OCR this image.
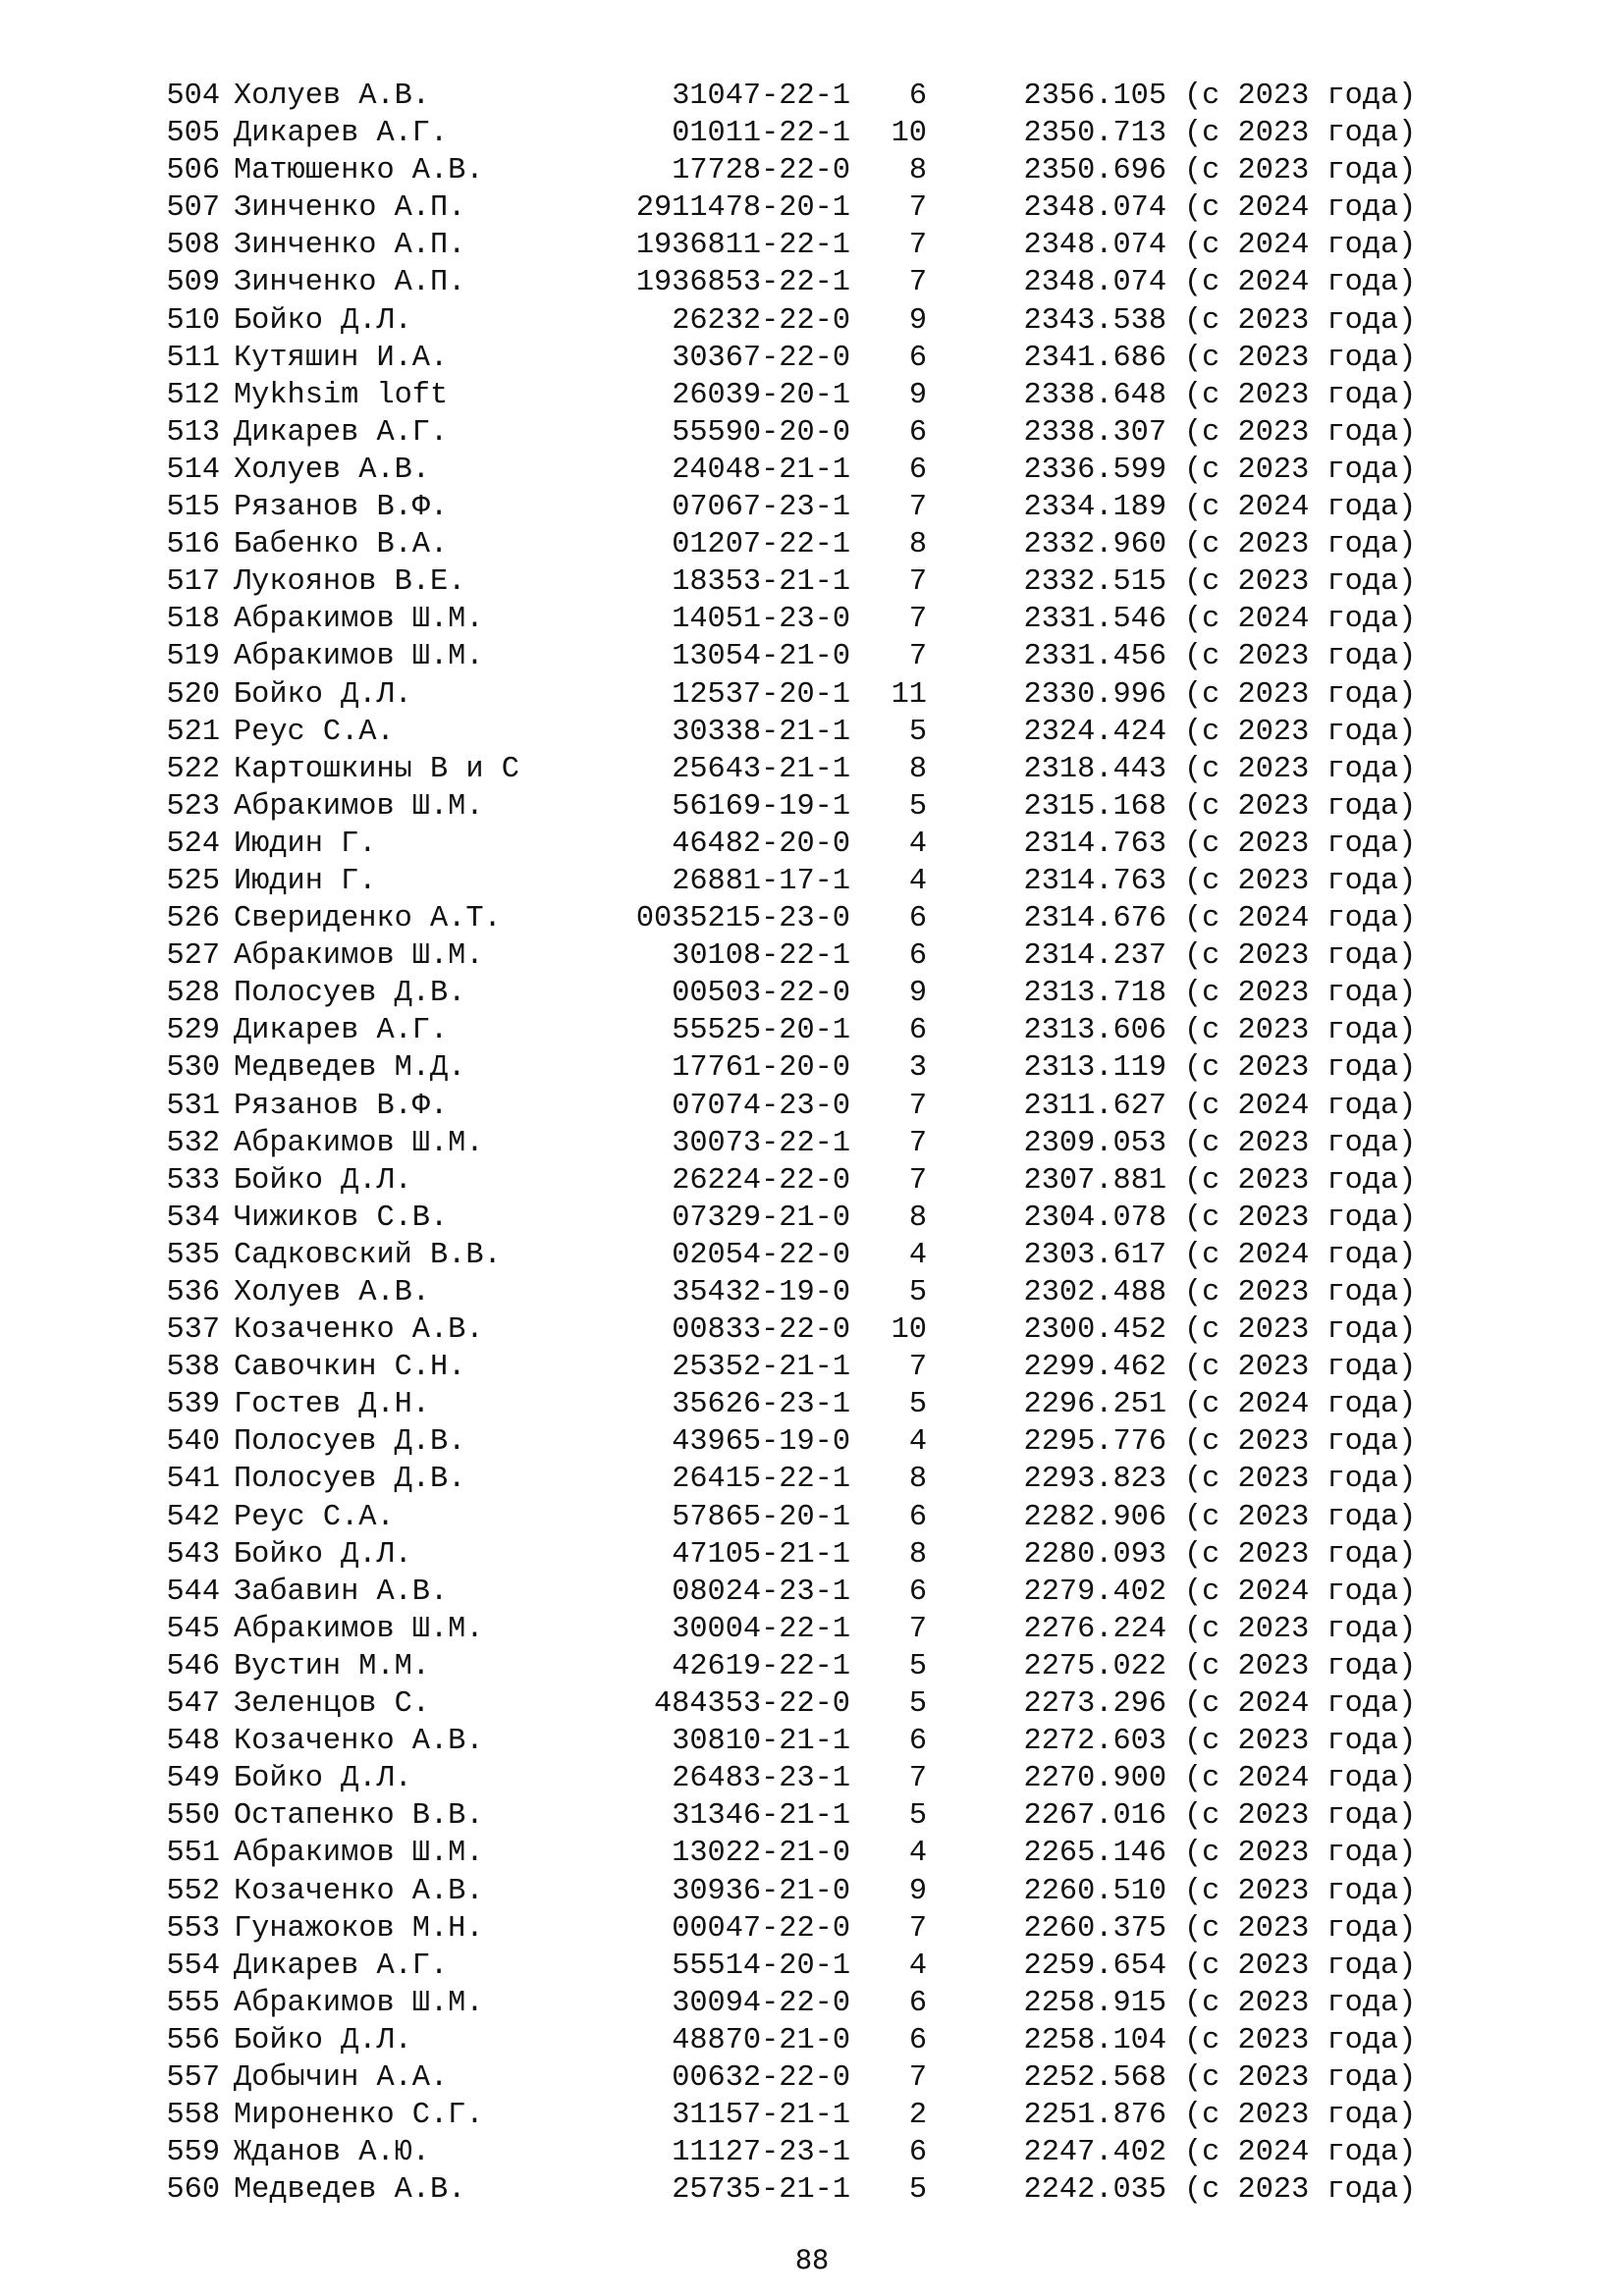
504 Холуев А.В.	31047-22-1 6	2356.105 (с 2023 года)
505 Дикарев А.Г.	01011-22-1 10	2350.713 (с 2023 года)
506 Матюшенко А.В.	17728-22-0 8	2350.696 (с 2023 года)
507 Зинченко А.П.	2911478-20-1 7	2348.074 (с 2024 года)
508 Зинченко А.П.	1936811-22-1 7	2348.074 (с 2024 года)
509 Зинченко А.П.	1936853-22-1 7	2348.074 (с 2024 года)
510 Бойко Д.Л.	26232-22-0 9	2343.538 (с 2023 года)
511 Кутяшин И.А.	30367-22-0 6	2341.686 (с 2023 года)
512 Mykhsim loft	26039-20-1 9	2338.648 (с 2023 года)
513 Дикарев А.Г.	55590-20-0 6	2338.307 (с 2023 года)
514 Холуев А.В.	24048-21-1 6	2336.599 (с 2023 года)
515 Рязанов В.Ф.	07067-23-1 7	2334.189 (с 2024 года)
516 Бабенко В.А.	01207-22-1 8	2332.960 (с 2023 года)
517 Лукоянов В.Е.	18353-21-1 7	2332.515 (с 2023 года)
518 Абракимов Ш.М.	14051-23-0 7	2331.546 (с 2024 года)
519 Абракимов Ш.М.	13054-21-0 7	2331.456 (с 2023 года)
520 Бойко Д.Л.	12537-20-1 11	2330.996 (с 2023 года)
521 Реус С.А.	30338-21-1 5	2324.424 (с 2023 года)
522 Картошкины В и С	25643-21-1 8	2318.443 (с 2023 года)
523 Абракимов Ш.М.	56169-19-1 5	2315.168 (с 2023 года)
524 Июдин Г.	46482-20-0 4	2314.763 (с 2023 года)
525 Июдин Г.	26881-17-1 4	2314.763 (с 2023 года)
526 Свериденко А.Т.	0035215-23-0 6	2314.676 (с 2024 года)
527 Абракимов Ш.М.	30108-22-1 6	2314.237 (с 2023 года)
528 Полосуев Д.В.	00503-22-0 9	2313.718 (с 2023 года)
529 Дикарев А.Г.	55525-20-1 6	2313.606 (с 2023 года)
530 Медведев М.Д.	17761-20-0 3	2313.119 (с 2023 года)
531 Рязанов В.Ф.	07074-23-0 7	2311.627 (с 2024 года)
532 Абракимов Ш.М.	30073-22-1 7	2309.053 (с 2023 года)
533 Бойко Д.Л.	26224-22-0 7	2307.881 (с 2023 года)
534 Чижиков С.В.	07329-21-0 8	2304.078 (с 2023 года)
535 Садковский В.В.	02054-22-0 4	2303.617 (с 2024 года)
536 Холуев А.В.	35432-19-0 5	2302.488 (с 2023 года)
537 Козаченко А.В.	00833-22-0 10	2300.452 (с 2023 года)
538 Савочкин С.Н.	25352-21-1 7	2299.462 (с 2023 года)
539 Гостев Д.Н.	35626-23-1 5	2296.251 (с 2024 года)
540 Полосуев Д.В.	43965-19-0 4	2295.776 (с 2023 года)
541 Полосуев Д.В.	26415-22-1 8	2293.823 (с 2023 года)
542 Реус С.А.	57865-20-1 6	2282.906 (с 2023 года)
543 Бойко Д.Л.	47105-21-1 8	2280.093 (с 2023 года)
544 Забавин А.В.	08024-23-1 6	2279.402 (с 2024 года)
545 Абракимов Ш.М.	30004-22-1 7	2276.224 (с 2023 года)
546 Вустин М.М.	42619-22-1 5	2275.022 (с 2023 года)
547 Зеленцов С.	484353-22-0 5	2273.296 (с 2024 года)
548 Козаченко А.В.	30810-21-1 6	2272.603 (с 2023 года)
549 Бойко Д.Л.	26483-23-1 7	2270.900 (с 2024 года)
550 Остапенко В.В.	31346-21-1 5	2267.016 (с 2023 года)
551 Абракимов Ш.М.	13022-21-0 4	2265.146 (с 2023 года)
552 Козаченко А.В.	30936-21-0 9	2260.510 (с 2023 года)
553 Гунажоков М.Н.	00047-22-0 7	2260.375 (с 2023 года)
554 Дикарев А.Г.	55514-20-1 4	2259.654 (с 2023 года)
555 Абракимов Ш.М.	30094-22-0 6	2258.915 (с 2023 года)
556 Бойко Д.Л.	48870-21-0 6	2258.104 (с 2023 года)
557 Добычин А.А.	00632-22-0 7	2252.568 (с 2023 года)
558 Мироненко С.Г.	31157-21-1 2	2251.876 (с 2023 года)
559 Жданов А.Ю.	11127-23-1 6	2247.402 (с 2024 года)
560 Медведев А.В.	25735-21-1 5	2242.035 (с 2023 года)
88
